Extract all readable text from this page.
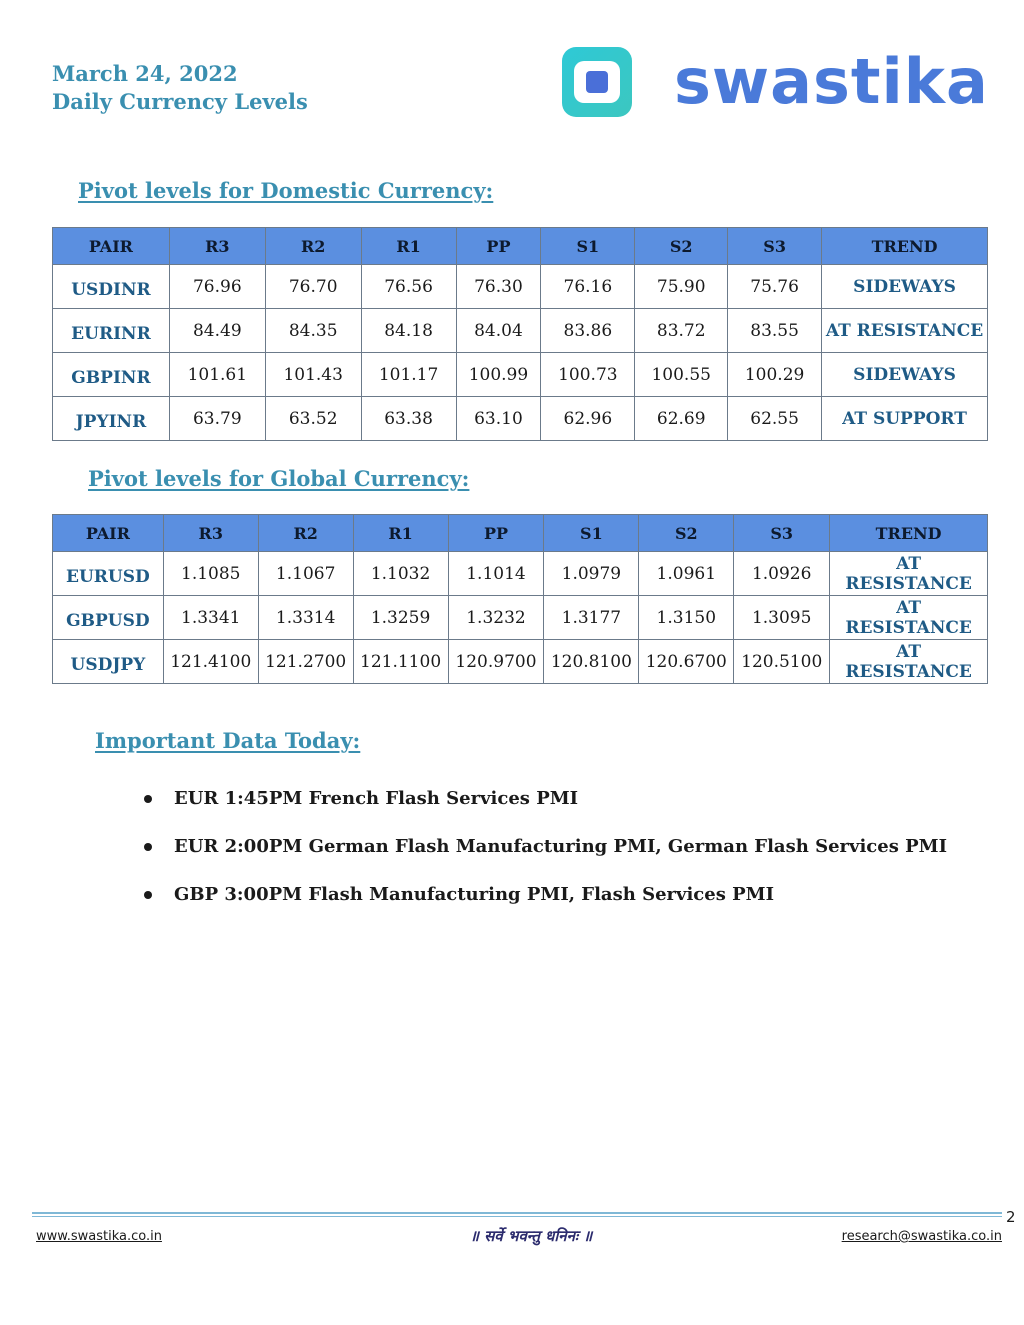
March 24, 2022
Daily Currency Levels	swastika
Pivot levels for Domestic Currency:
PAIR	R3	R2	R1	PP	S1	S2	S3	TREND
USDINR	76.96	76.70	76.56	76.30	76.16	75.90	75.76	SIDEWAYS
EURINR	84.49	84.35	84.18	84.04	83.86	83.72	83.55	AT RESISTANCE
GBPINR	101.61	101.43	101.17	100.99	100.73	100.55	100.29	SIDEWAYS
JPYINR	63.79	63.52	63.38	63.10	62.96	62.69	62.55	AT SUPPORT
Pivot levels for Global Currency:
PAIR	R3	R2	R1	PP	S1	S2	S3	TREND
EURUSD	1.1085	1.1067	1.1032	1.1014	1.0979	1.0961	1.0926	AT RESISTANCE
GBPUSD	1.3341	1.3314	1.3259	1.3232	1.3177	1.3150	1.3095	AT RESISTANCE
USDJPY	121.4100	121.2700	121.1100	120.9700	120.8100	120.6700	120.5100	AT RESISTANCE
Important Data Today:
EUR 1:45PM French Flash Services PMI
EUR 2:00PM German Flash Manufacturing PMI, German Flash Services PMI
GBP 3:00PM Flash Manufacturing PMI, Flash Services PMI
2
www.swastika.co.in	॥ सर्वे भवन्तु धनिनः ॥	research@swastika.co.in
